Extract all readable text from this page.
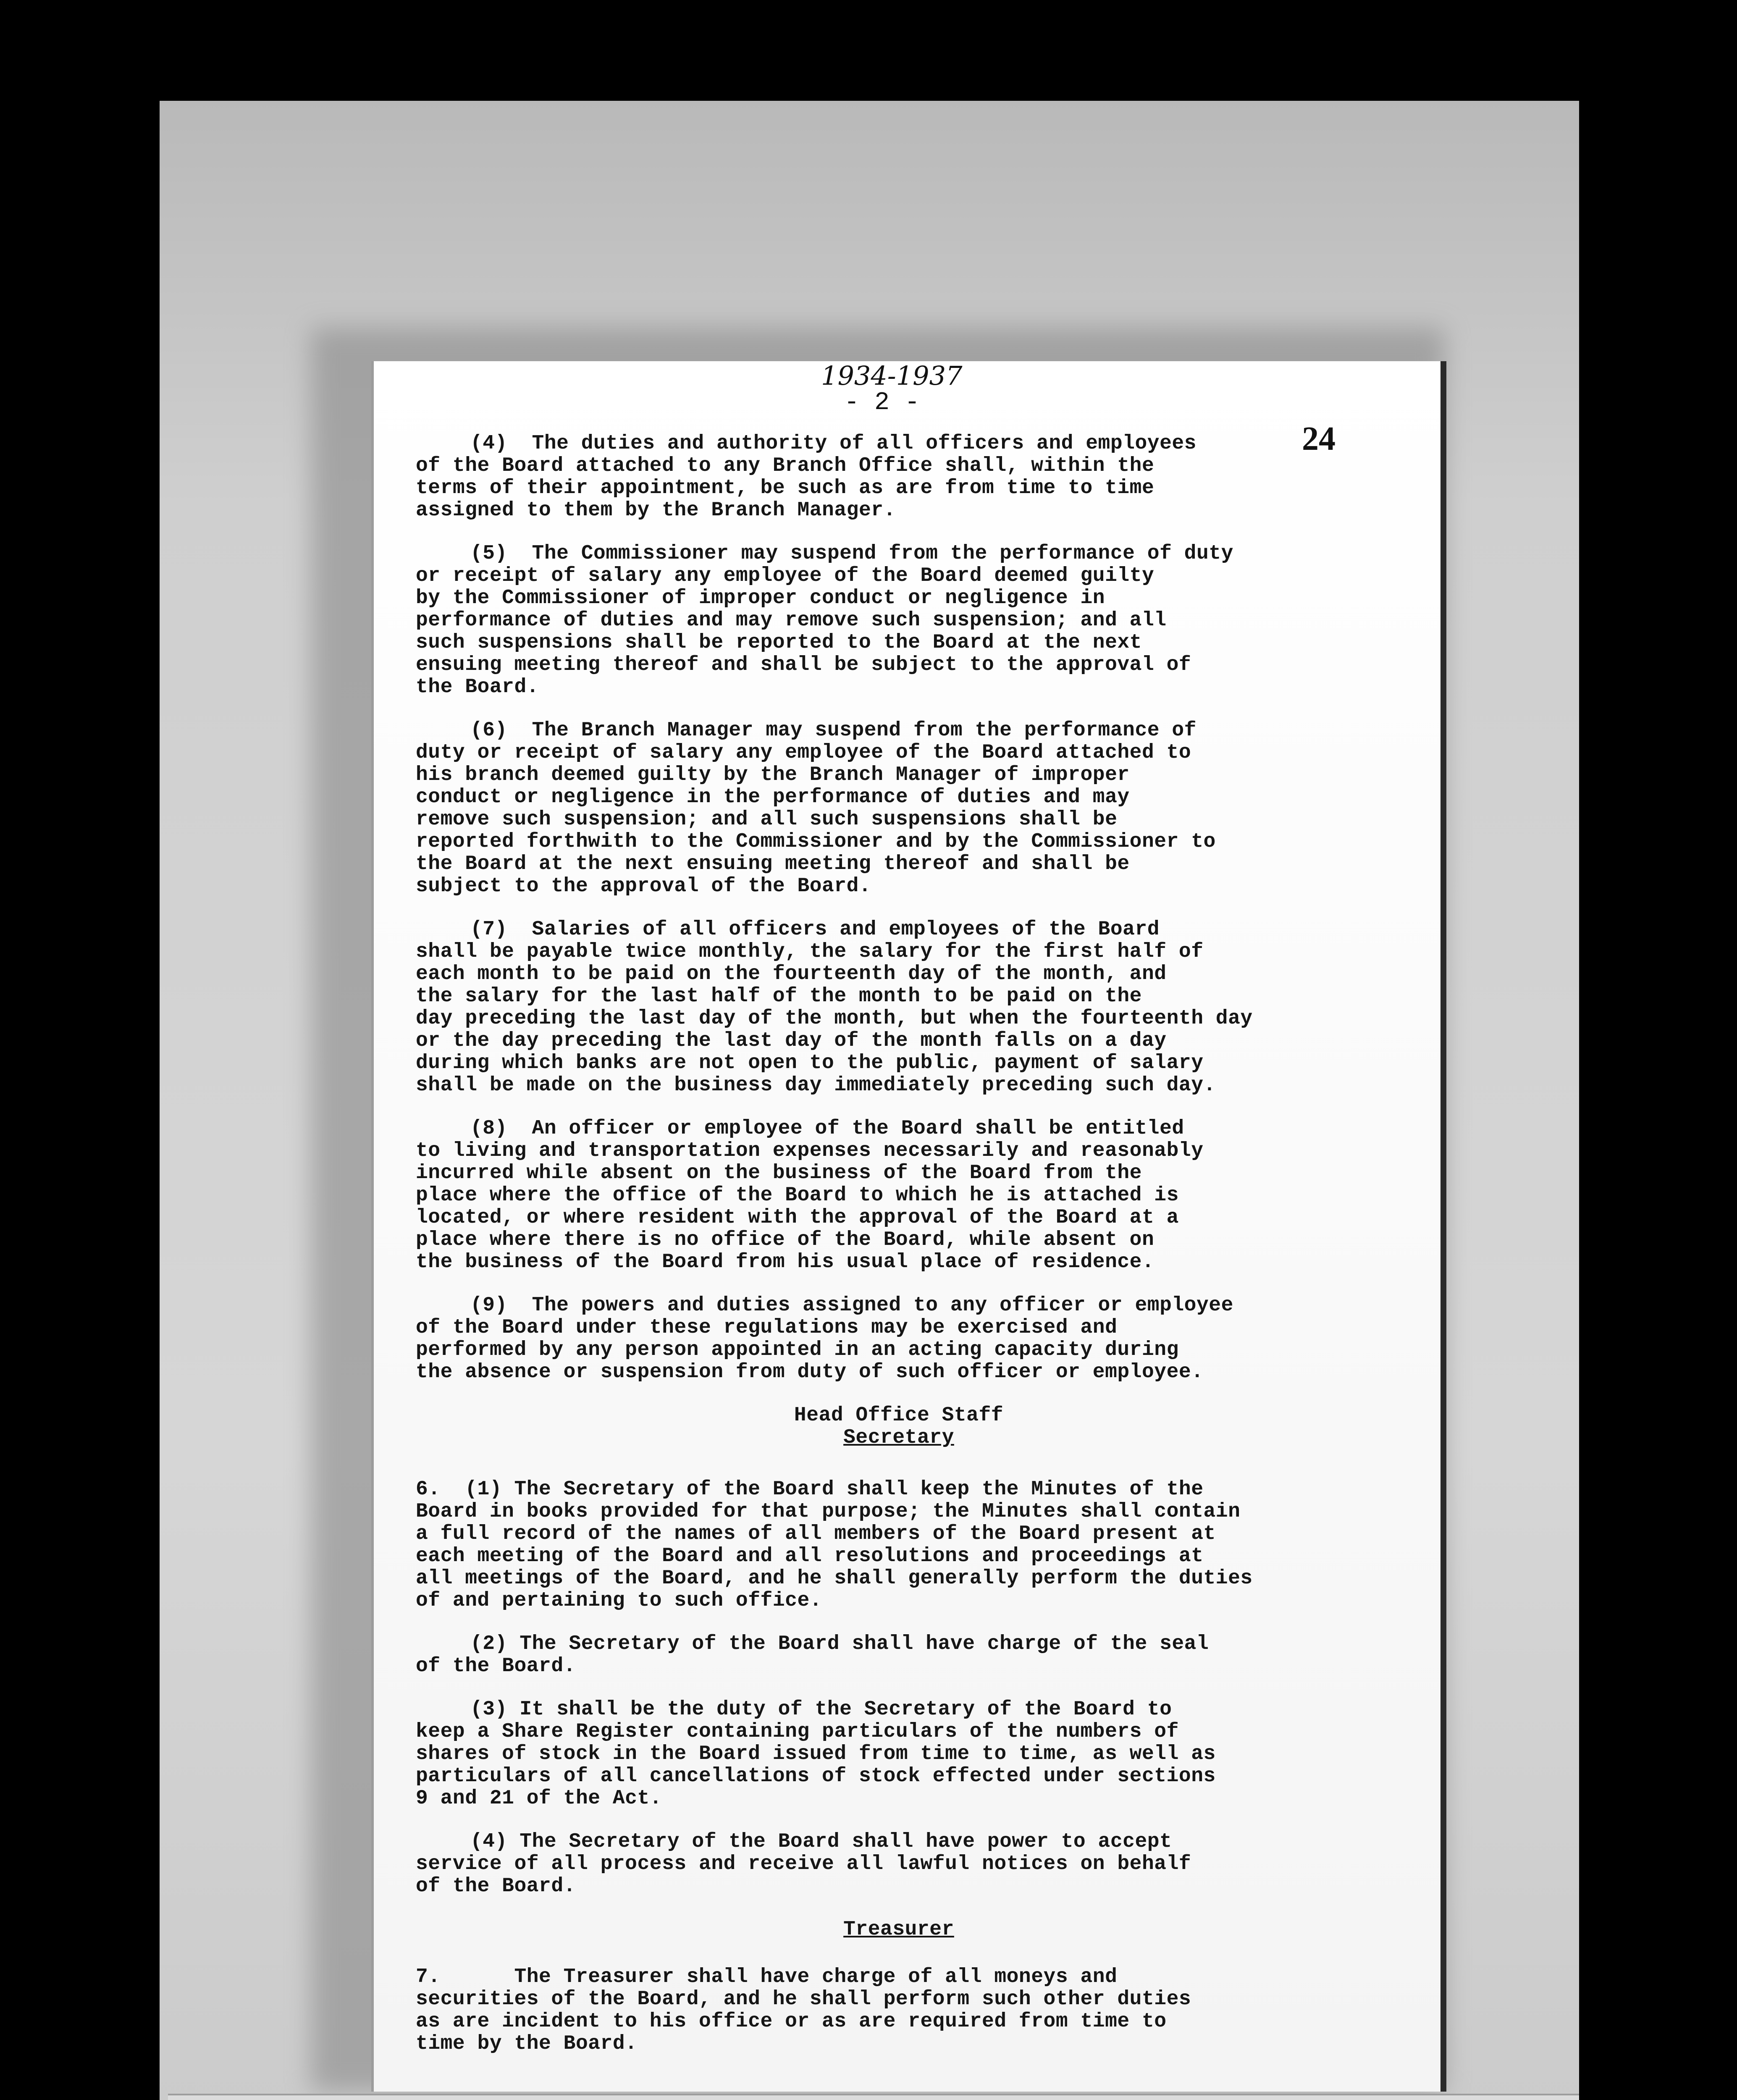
1934-1937
- 2 -
24
(4)  The duties and authority of all officers and employees
of the Board attached to any Branch Office shall, within the
terms of their appointment, be such as are from time to time
assigned to them by the Branch Manager.
(5)  The Commissioner may suspend from the performance of duty
or receipt of salary any employee of the Board deemed guilty
by the Commissioner of improper conduct or negligence in
performance of duties and may remove such suspension; and all
such suspensions shall be reported to the Board at the next
ensuing meeting thereof and shall be subject to the approval of
the Board.
(6)  The Branch Manager may suspend from the performance of
duty or receipt of salary any employee of the Board attached to
his branch deemed guilty by the Branch Manager of improper
conduct or negligence in the performance of duties and may
remove such suspension; and all such suspensions shall be
reported forthwith to the Commissioner and by the Commissioner to
the Board at the next ensuing meeting thereof and shall be
subject to the approval of the Board.
(7)  Salaries of all officers and employees of the Board
shall be payable twice monthly, the salary for the first half of
each month to be paid on the fourteenth day of the month, and
the salary for the last half of the month to be paid on the
day preceding the last day of the month, but when the fourteenth day
or the day preceding the last day of the month falls on a day
during which banks are not open to the public, payment of salary
shall be made on the business day immediately preceding such day.
(8)  An officer or employee of the Board shall be entitled
to living and transportation expenses necessarily and reasonably
incurred while absent on the business of the Board from the
place where the office of the Board to which he is attached is
located, or where resident with the approval of the Board at a
place where there is no office of the Board, while absent on
the business of the Board from his usual place of residence.
(9)  The powers and duties assigned to any officer or employee
of the Board under these regulations may be exercised and
performed by any person appointed in an acting capacity during
the absence or suspension from duty of such officer or employee.
Head Office Staff
Secretary
6.  (1) The Secretary of the Board shall keep the Minutes of the
Board in books provided for that purpose; the Minutes shall contain
a full record of the names of all members of the Board present at
each meeting of the Board and all resolutions and proceedings at
all meetings of the Board, and he shall generally perform the duties
of and pertaining to such office.
(2) The Secretary of the Board shall have charge of the seal
of the Board.
(3) It shall be the duty of the Secretary of the Board to
keep a Share Register containing particulars of the numbers of
shares of stock in the Board issued from time to time, as well as
particulars of all cancellations of stock effected under sections
9 and 21 of the Act.
(4) The Secretary of the Board shall have power to accept
service of all process and receive all lawful notices on behalf
of the Board.
Treasurer
7.      The Treasurer shall have charge of all moneys and
securities of the Board, and he shall perform such other duties
as are incident to his office or as are required from time to
time by the Board.
